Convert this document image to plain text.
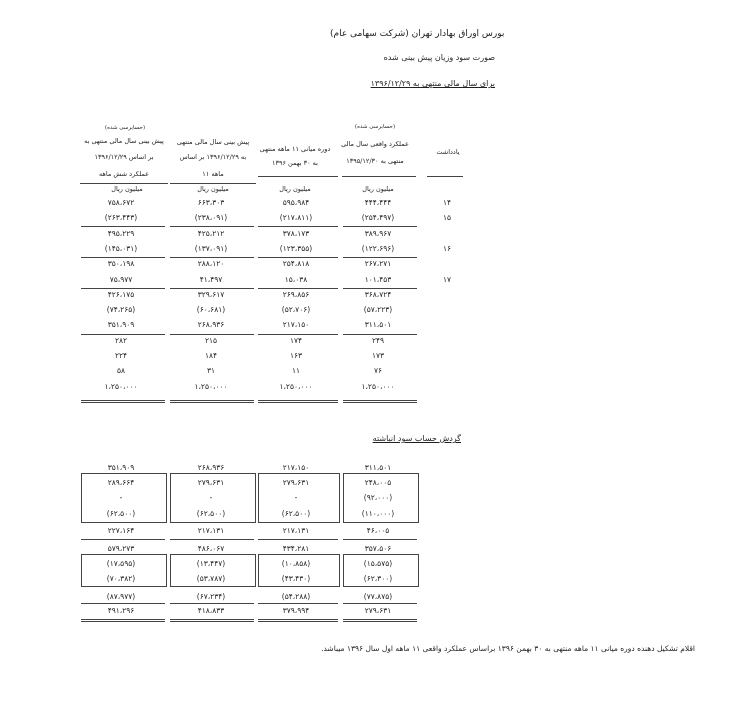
بورس اوراق بهادار تهران (شرکت سهامی عام)
صورت سود وزیان پیش بینی شده
برای سال مالی منتهی به ۱۳۹۶/۱۲/۲۹
یادداشت
(حسابرسی شده)
عملکرد واقعی سال مالی
منتهی به ۱۳۹۵/۱۲/۳۰
دوره میانی ۱۱ ماهه منتهی
به ۳۰ بهمن ۱۳۹۶
پیش بینی سال مالی منتهی
به ۱۳۹۶/۱۲/۲۹ بر اساس
۱۱ ماهه
(حسابرسی شده)
پیش بینی سال مالی منتهی به
۱۳۹۶/۱۲/۲۹ بر اساس
عملکرد شش ماهه
میلیون ریال
میلیون ریال
میلیون ریال
میلیون ریال
۱۴
۴۴۴،۴۴۴
۵۹۵،۹۸۴
۶۶۳،۳۰۳
۷۵۸،۶۷۲
۱۵
(۲۵۴،۴۹۷)
(۲۱۷،۸۱۱)
(۲۳۸،۰۹۱)
(۲۶۳،۴۴۳)
۳۸۹،۹۶۷
۳۷۸،۱۷۳
۴۲۵،۲۱۲
۴۹۵،۲۲۹
۱۶
(۱۲۲،۶۹۶)
(۱۲۳،۳۵۵)
(۱۳۷،۰۹۱)
(۱۴۵،۰۳۱)
۲۶۷،۲۷۱
۲۵۴،۸۱۸
۲۸۸،۱۲۰
۳۵۰،۱۹۸
۱۷
۱۰۱،۴۵۳
۱۵،۰۳۸
۴۱،۴۹۷
۷۵،۹۷۷
۳۶۸،۷۲۴
۲۶۹،۸۵۶
۳۲۹،۶۱۷
۴۲۶،۱۷۵
(۵۷،۲۲۳)
(۵۲،۷۰۶)
(۶۰،۶۸۱)
(۷۴،۲۶۵)
۳۱۱،۵۰۱
۲۱۷،۱۵۰
۲۶۸،۹۳۶
۳۵۱،۹۰۹
۲۴۹
۱۷۴
۲۱۵
۲۸۲
۱۷۳
۱۶۳
۱۸۴
۲۲۴
۷۶
۱۱
۳۱
۵۸
۱،۲۵۰،۰۰۰
۱،۲۵۰،۰۰۰
۱،۲۵۰،۰۰۰
۱،۲۵۰،۰۰۰
گردش حساب سود انباشته
۳۱۱،۵۰۱
۲۱۷،۱۵۰
۲۶۸،۹۳۶
۳۵۱،۹۰۹
۲۴۸،۰۰۵
۲۷۹،۶۳۱
۲۷۹،۶۳۱
۲۸۹،۶۶۴
(۹۲،۰۰۰)
-
-
-
(۱۱۰،۰۰۰)
(۶۲،۵۰۰)
(۶۲،۵۰۰)
(۶۲،۵۰۰)
۴۶،۰۰۵
۲۱۷،۱۳۱
۲۱۷،۱۳۱
۲۲۷،۱۶۴
۳۵۷،۵۰۶
۴۳۴،۲۸۱
۴۸۶،۰۶۷
۵۷۹،۲۷۳
(۱۵،۵۷۵)
(۱۰،۸۵۸)
(۱۳،۴۴۷)
(۱۷،۵۹۵)
(۶۲،۳۰۰)
(۴۳،۴۳۰)
(۵۳،۷۸۷)
(۷۰،۳۸۲)
(۷۷،۸۷۵)
(۵۴،۲۸۸)
(۶۷،۲۳۴)
(۸۷،۹۷۷)
۲۷۹،۶۳۱
۳۷۹،۹۹۴
۴۱۸،۸۳۳
۴۹۱،۲۹۶
اقلام تشکیل دهنده دوره میانی ۱۱ ماهه منتهی به ۳۰ بهمن ۱۳۹۶ براساس عملکرد واقعی ۱۱ ماهه اول سال ۱۳۹۶ میباشد.
